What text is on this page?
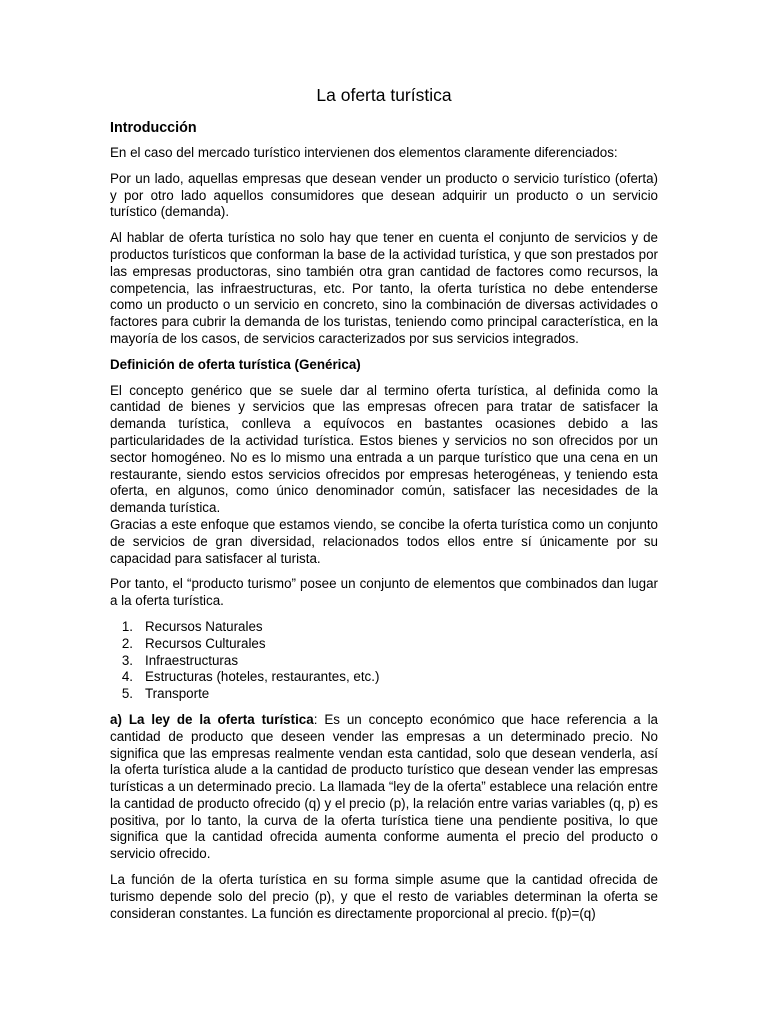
La oferta turística
Introducción

En el caso del mercado turístico intervienen dos elementos claramente diferenciados:

Por un lado, aquellas empresas que desean vender un producto o servicio turístico (oferta) y por otro lado aquellos consumidores que desean adquirir un producto o un servicio turístico (demanda).

Al hablar de oferta turística no solo hay que tener en cuenta el conjunto de servicios y de productos turísticos que conforman la base de la actividad turística, y que son prestados por las empresas productoras, sino también otra gran cantidad de factores como recursos, la competencia, las infraestructuras, etc. Por tanto, la oferta turística no debe entenderse como un producto o un servicio en concreto, sino la combinación de diversas actividades o factores para cubrir la demanda de los turistas, teniendo como principal característica, en la mayoría de los casos, de servicios caracterizados por sus servicios integrados.

Definición de oferta turística (Genérica)

El concepto genérico que se suele dar al termino oferta turística, al definida como la cantidad de bienes y servicios que las empresas ofrecen para tratar de satisfacer la demanda turística, conlleva a equívocos en bastantes ocasiones debido a las particularidades de la actividad turística. Estos bienes y servicios no son ofrecidos por un sector homogéneo. No es lo mismo una entrada a un parque turístico que una cena en un restaurante, siendo estos servicios ofrecidos por empresas heterogéneas, y teniendo esta oferta, en algunos, como único denominador común, satisfacer las necesidades de la demanda turística.

Gracias a este enfoque que estamos viendo, se concibe la oferta turística como un conjunto de servicios de gran diversidad, relacionados todos ellos entre sí únicamente por su capacidad para satisfacer al turista.

Por tanto, el “producto turismo” posee un conjunto de elementos que combinados dan lugar a la oferta turística.

1. Recursos Naturales
2. Recursos Culturales
3. Infraestructuras
4. Estructuras (hoteles, restaurantes, etc.)
5. Transporte

a) La ley de la oferta turística: Es un concepto económico que hace referencia a la cantidad de producto que deseen vender las empresas a un determinado precio. No significa que las empresas realmente vendan esta cantidad, solo que desean venderla, así la oferta turística alude a la cantidad de producto turístico que desean vender las empresas turísticas a un determinado precio. La llamada “ley de la oferta” establece una relación entre la cantidad de producto ofrecido (q) y el precio (p), la relación entre varias variables (q, p) es positiva, por lo tanto, la curva de la oferta turística tiene una pendiente positiva, lo que significa que la cantidad ofrecida aumenta conforme aumenta el precio del producto o servicio ofrecido.

La función de la oferta turística en su forma simple asume que la cantidad ofrecida de turismo depende solo del precio (p), y que el resto de variables determinan la oferta se consideran constantes. La función es directamente proporcional al precio. f(p)=(q)
